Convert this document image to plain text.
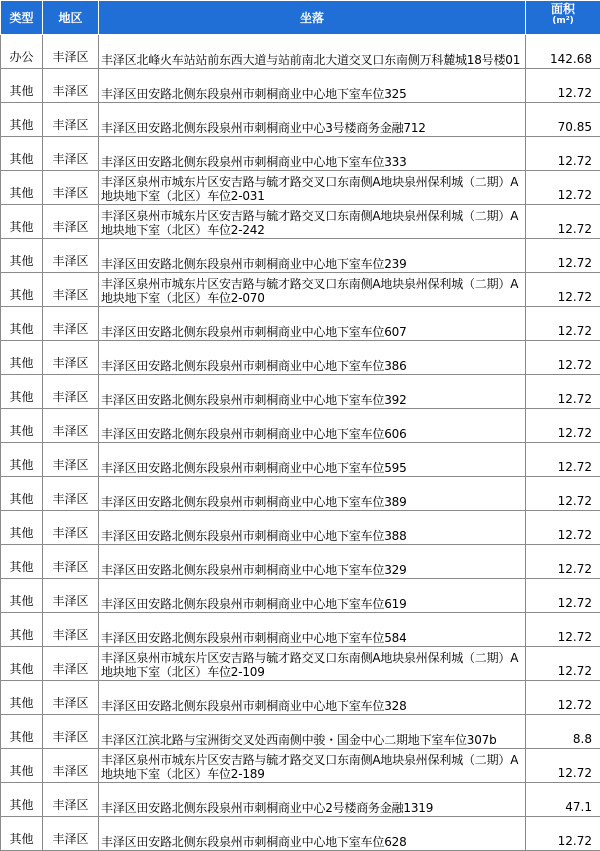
类型	地区	坐落	面积
(m²)

办公	丰泽区	丰泽区北峰火车站站前东西大道与站前南北大道交叉口东南侧万科麓城18号楼01	142.68
其他	丰泽区	丰泽区田安路北侧东段泉州市刺桐商业中心地下室车位325	12.72
其他	丰泽区	丰泽区田安路北侧东段泉州市刺桐商业中心3号楼商务金融712	70.85
其他	丰泽区	丰泽区田安路北侧东段泉州市刺桐商业中心地下室车位333	12.72
其他	丰泽区	丰泽区泉州市城东片区安吉路与毓才路交叉口东南侧A地块泉州保利城（二期）A地块地下室（北区）车位2-031	12.72
其他	丰泽区	丰泽区泉州市城东片区安吉路与毓才路交叉口东南侧A地块泉州保利城（二期）A地块地下室（北区）车位2-242	12.72
其他	丰泽区	丰泽区田安路北侧东段泉州市刺桐商业中心地下室车位239	12.72
其他	丰泽区	丰泽区泉州市城东片区安吉路与毓才路交叉口东南侧A地块泉州保利城（二期）A地块地下室（北区）车位2-070	12.72
其他	丰泽区	丰泽区田安路北侧东段泉州市刺桐商业中心地下室车位607	12.72
其他	丰泽区	丰泽区田安路北侧东段泉州市刺桐商业中心地下室车位386	12.72
其他	丰泽区	丰泽区田安路北侧东段泉州市刺桐商业中心地下室车位392	12.72
其他	丰泽区	丰泽区田安路北侧东段泉州市刺桐商业中心地下室车位606	12.72
其他	丰泽区	丰泽区田安路北侧东段泉州市刺桐商业中心地下室车位595	12.72
其他	丰泽区	丰泽区田安路北侧东段泉州市刺桐商业中心地下室车位389	12.72
其他	丰泽区	丰泽区田安路北侧东段泉州市刺桐商业中心地下室车位388	12.72
其他	丰泽区	丰泽区田安路北侧东段泉州市刺桐商业中心地下室车位329	12.72
其他	丰泽区	丰泽区田安路北侧东段泉州市刺桐商业中心地下室车位619	12.72
其他	丰泽区	丰泽区田安路北侧东段泉州市刺桐商业中心地下室车位584	12.72
其他	丰泽区	丰泽区泉州市城东片区安吉路与毓才路交叉口东南侧A地块泉州保利城（二期）A地块地下室（北区）车位2-109	12.72
其他	丰泽区	丰泽区田安路北侧东段泉州市刺桐商业中心地下室车位328	12.72
其他	丰泽区	丰泽区江滨北路与宝洲街交叉处西南侧中骏・国金中心二期地下室车位307b	8.8
其他	丰泽区	丰泽区泉州市城东片区安吉路与毓才路交叉口东南侧A地块泉州保利城（二期）A地块地下室（北区）车位2-189	12.72
其他	丰泽区	丰泽区田安路北侧东段泉州市刺桐商业中心2号楼商务金融1319	47.1
其他	丰泽区	丰泽区田安路北侧东段泉州市刺桐商业中心地下室车位628	12.72
